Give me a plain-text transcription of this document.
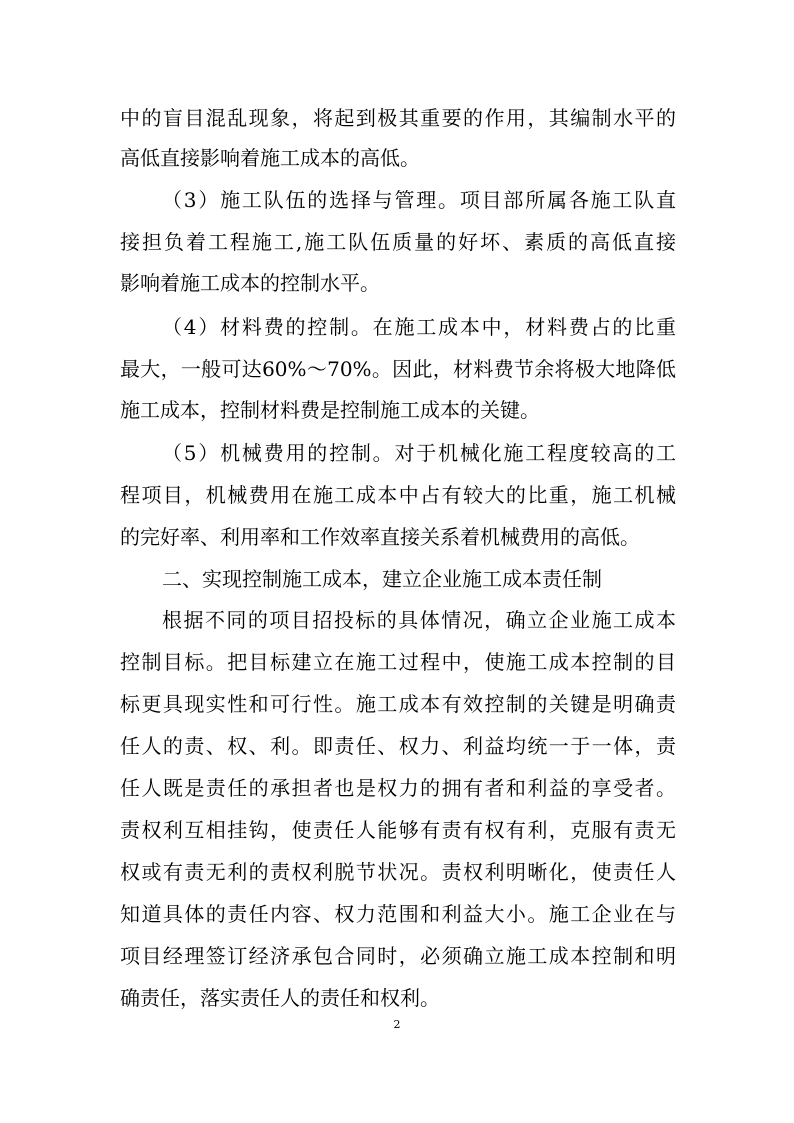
中的盲目混乱现象，将起到极其重要的作用，其编制水平的
高低直接影响着施工成本的高低。
（3）施工队伍的选择与管理。项目部所属各施工队直
接担负着工程施工,施工队伍质量的好坏、素质的高低直接
影响着施工成本的控制水平。
（4）材料费的控制。在施工成本中，材料费占的比重
最大，一般可达60%～70%。因此，材料费节余将极大地降低
施工成本，控制材料费是控制施工成本的关键。
（5）机械费用的控制。对于机械化施工程度较高的工
程项目，机械费用在施工成本中占有较大的比重，施工机械
的完好率、利用率和工作效率直接关系着机械费用的高低。
二、实现控制施工成本，建立企业施工成本责任制
根据不同的项目招投标的具体情况，确立企业施工成本
控制目标。把目标建立在施工过程中，使施工成本控制的目
标更具现实性和可行性。施工成本有效控制的关键是明确责
任人的责、权、利。即责任、权力、利益均统一于一体，责
任人既是责任的承担者也是权力的拥有者和利益的享受者。
责权利互相挂钩，使责任人能够有责有权有利，克服有责无
权或有责无利的责权利脱节状况。责权利明晰化，使责任人
知道具体的责任内容、权力范围和利益大小。施工企业在与
项目经理签订经济承包合同时，必须确立施工成本控制和明
确责任，落实责任人的责任和权利。
2
